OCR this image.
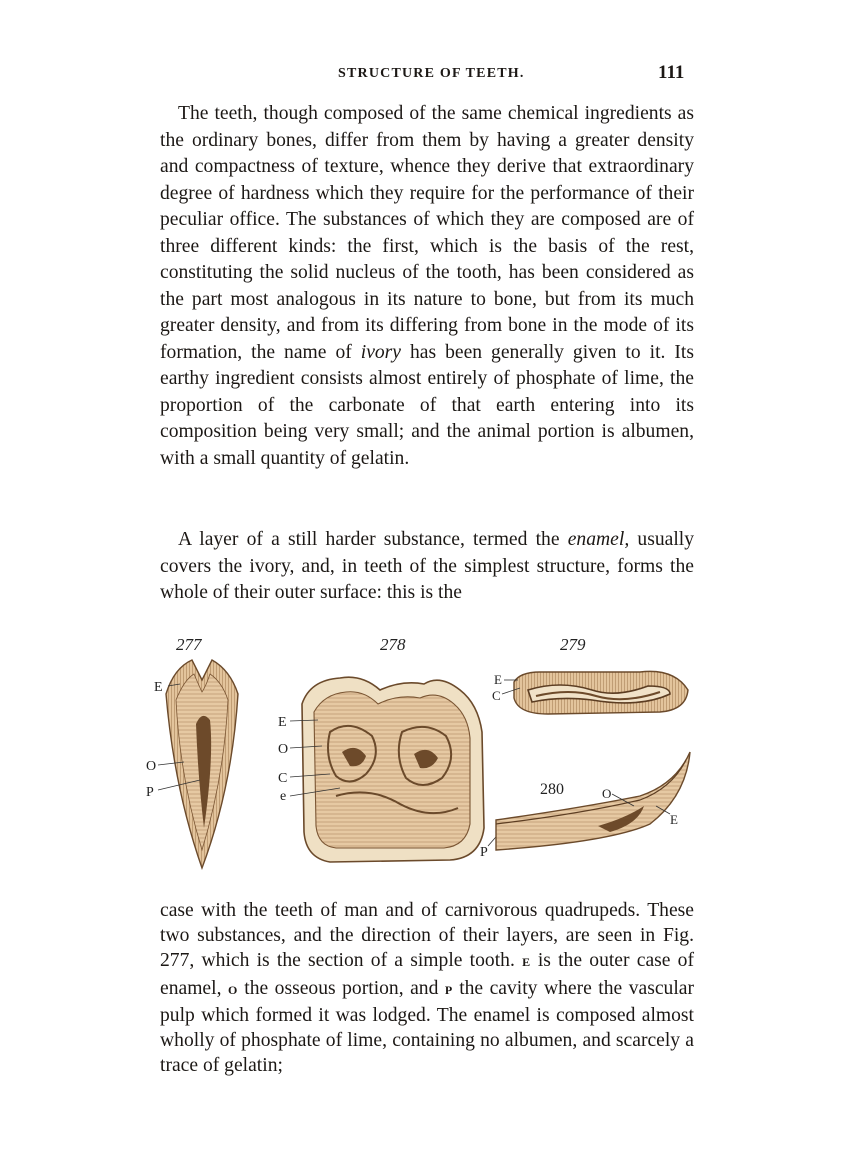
STRUCTURE OF TEETH.	111

The teeth, though composed of the same chemical ingredients as the ordinary bones, differ from them by having a greater density and compactness of texture, whence they derive that extraordinary degree of hardness which they require for the performance of their peculiar office. The substances of which they are composed are of three different kinds: the first, which is the basis of the rest, constituting the solid nucleus of the tooth, has been considered as the part most analogous in its nature to bone, but from its much greater density, and from its differing from bone in the mode of its formation, the name of ivory has been generally given to it. Its earthy ingredient consists almost entirely of phosphate of lime, the proportion of the carbonate of that earth entering into its composition being very small; and the animal portion is albumen, with a small quantity of gelatin.

A layer of a still harder substance, termed the enamel, usually covers the ivory, and, in teeth of the simplest structure, forms the whole of their outer surface: this is the

277
E
O
P
278
E
O
C
e
P
279
E
C
280	O
E

case with the teeth of man and of carnivorous quadrupeds. These two substances, and the direction of their layers, are seen in Fig. 277, which is the section of a simple tooth. E is the outer case of enamel, O the osseous portion, and P the cavity where the vascular pulp which formed it was lodged. The enamel is composed almost wholly of phosphate of lime, containing no albumen, and scarcely a trace of gelatin;
